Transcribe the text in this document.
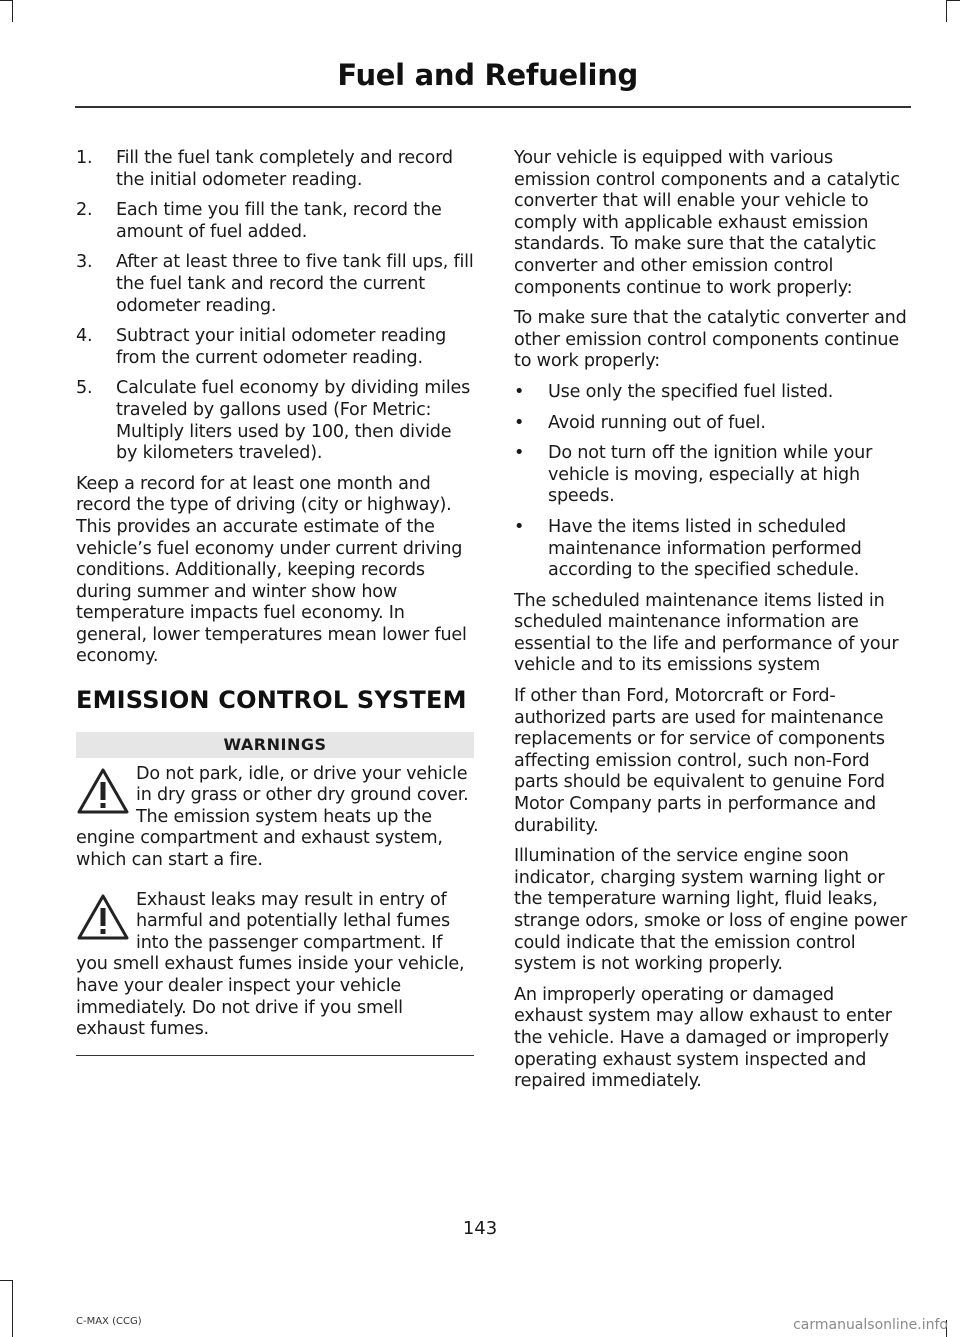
Fuel and Refueling
1.	Fill the fuel tank completely and record the initial odometer reading.
2.	Each time you fill the tank, record the amount of fuel added.
3.	After at least three to five tank fill ups, fill the fuel tank and record the current odometer reading.
4.	Subtract your initial odometer reading from the current odometer reading.
5.	Calculate fuel economy by dividing miles traveled by gallons used (For Metric: Multiply liters used by 100, then divide by kilometers traveled).

Keep a record for at least one month and record the type of driving (city or highway). This provides an accurate estimate of the vehicle’s fuel economy under current driving conditions. Additionally, keeping records during summer and winter show how temperature impacts fuel economy. In general, lower temperatures mean lower fuel economy.

EMISSION CONTROL SYSTEM
WARNINGS
Do not park, idle, or drive your vehicle in dry grass or other dry ground cover. The emission system heats up the engine compartment and exhaust system, which can start a fire.
Exhaust leaks may result in entry of harmful and potentially lethal fumes into the passenger compartment. If you smell exhaust fumes inside your vehicle, have your dealer inspect your vehicle immediately. Do not drive if you smell exhaust fumes.

Your vehicle is equipped with various emission control components and a catalytic converter that will enable your vehicle to comply with applicable exhaust emission standards. To make sure that the catalytic converter and other emission control components continue to work properly:

To make sure that the catalytic converter and other emission control components continue to work properly:

•	Use only the specified fuel listed.
•	Avoid running out of fuel.
•	Do not turn off the ignition while your vehicle is moving, especially at high speeds.
•	Have the items listed in scheduled maintenance information performed according to the specified schedule.

The scheduled maintenance items listed in scheduled maintenance information are essential to the life and performance of your vehicle and to its emissions system

If other than Ford, Motorcraft or Ford-authorized parts are used for maintenance replacements or for service of components affecting emission control, such non-Ford parts should be equivalent to genuine Ford Motor Company parts in performance and durability.

Illumination of the service engine soon indicator, charging system warning light or the temperature warning light, fluid leaks, strange odors, smoke or loss of engine power could indicate that the emission control system is not working properly.

An improperly operating or damaged exhaust system may allow exhaust to enter the vehicle. Have a damaged or improperly operating exhaust system inspected and repaired immediately.

143
C-MAX (CCG)	carmanualsonline.info
